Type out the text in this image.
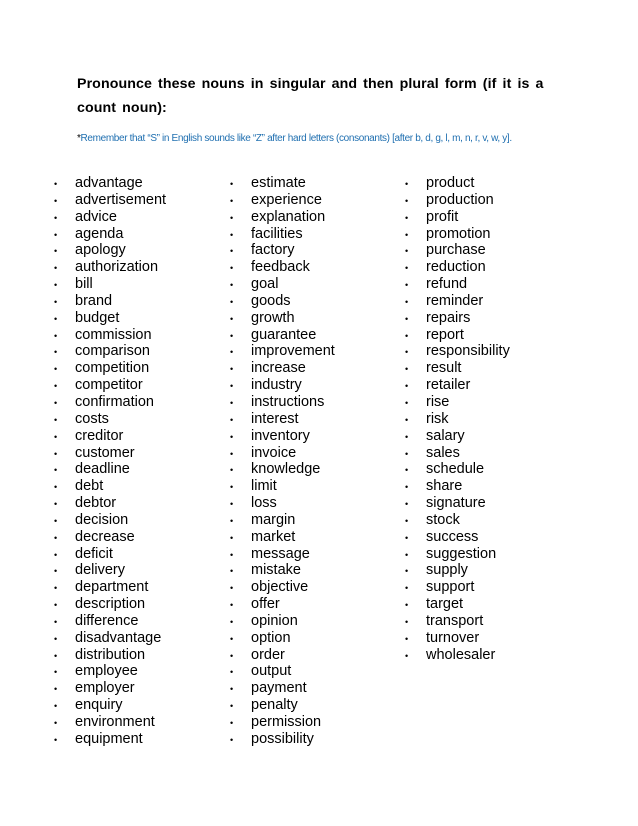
Pronounce these nouns in singular and then plural form (if it is a count noun):

*Remember that “S” in English sounds like “Z” after hard letters (consonants) [after b, d, g, l, m, n, r, v, w, y].

• advantage
• advertisement
• advice
• agenda
• apology
• authorization
• bill
• brand
• budget
• commission
• comparison
• competition
• competitor
• confirmation
• costs
• creditor
• customer
• deadline
• debt
• debtor
• decision
• decrease
• deficit
• delivery
• department
• description
• difference
• disadvantage
• distribution
• employee
• employer
• enquiry
• environment
• equipment
• estimate
• experience
• explanation
• facilities
• factory
• feedback
• goal
• goods
• growth
• guarantee
• improvement
• increase
• industry
• instructions
• interest
• inventory
• invoice
• knowledge
• limit
• loss
• margin
• market
• message
• mistake
• objective
• offer
• opinion
• option
• order
• output
• payment
• penalty
• permission
• possibility
• product
• production
• profit
• promotion
• purchase
• reduction
• refund
• reminder
• repairs
• report
• responsibility
• result
• retailer
• rise
• risk
• salary
• sales
• schedule
• share
• signature
• stock
• success
• suggestion
• supply
• support
• target
• transport
• turnover
• wholesaler
